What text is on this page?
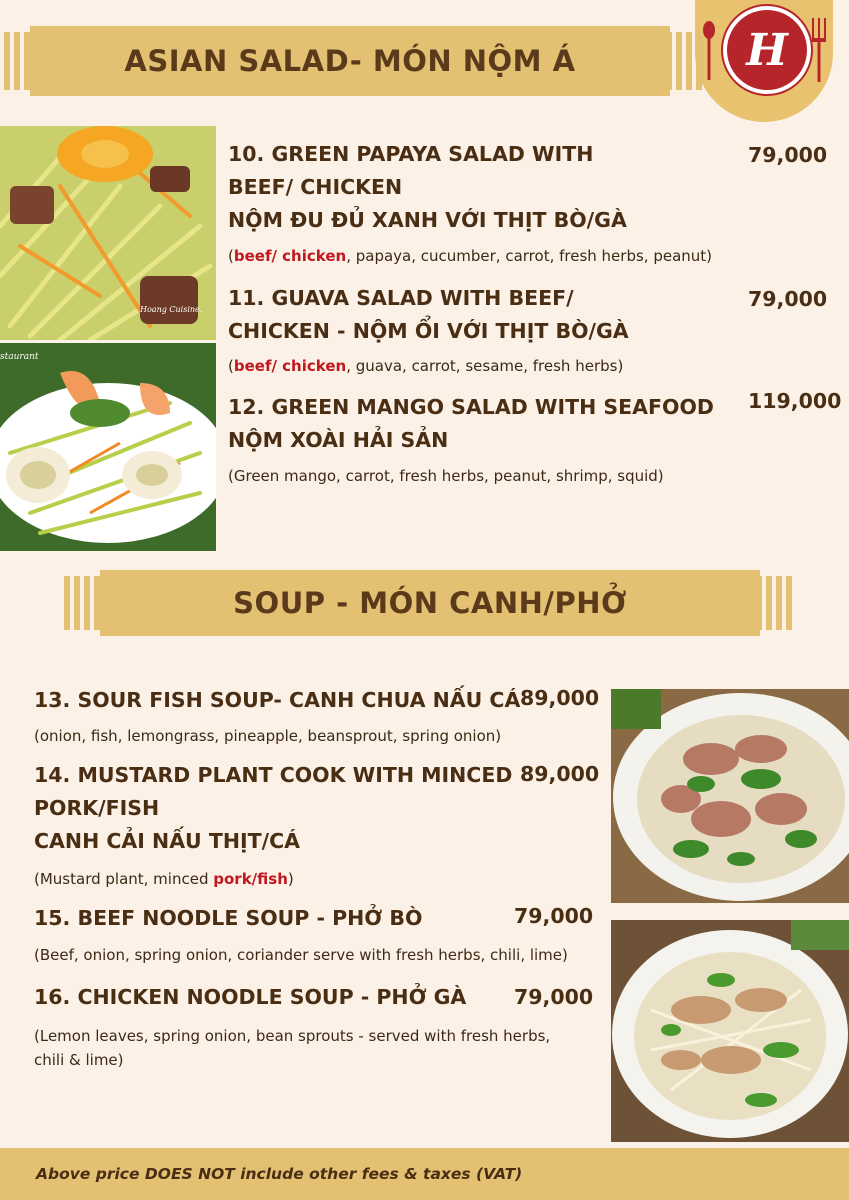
H
ASIAN SALAD- MÓN NỘM Á
Hoang Cuisine.
staurant
10. GREEN PAPAYA SALAD WITH
BEEF/ CHICKEN
NỘM ĐU ĐỦ XANH VỚI THỊT BÒ/GÀ
79,000
(beef/ chicken, papaya, cucumber, carrot, fresh herbs, peanut)
11. GUAVA SALAD WITH BEEF/
CHICKEN - NỘM ỔI VỚI THỊT BÒ/GÀ
79,000
(beef/ chicken, guava, carrot, sesame, fresh herbs)
12. GREEN MANGO SALAD WITH SEAFOOD
NỘM XOÀI HẢI SẢN
119,000
(Green mango, carrot, fresh herbs, peanut, shrimp, squid)
SOUP - MÓN CANH/PHỞ
13. SOUR FISH SOUP- CANH CHUA NẤU CÁ 89,000
(onion, fish, lemongrass, pineapple, beansprout, spring onion)
14. MUSTARD PLANT COOK WITH MINCED
PORK/FISH
CANH CẢI NẤU THỊT/CÁ
89,000
(Mustard plant, minced pork/fish)
15. BEEF NOODLE SOUP - PHỞ BÒ	79,000
(Beef, onion, spring onion, coriander serve with fresh herbs, chili, lime)
16. CHICKEN NOODLE SOUP - PHỞ GÀ 79,000
(Lemon leaves, spring onion, bean sprouts - served with fresh herbs,
chili & lime)
Above price DOES NOT include other fees & taxes (VAT)
